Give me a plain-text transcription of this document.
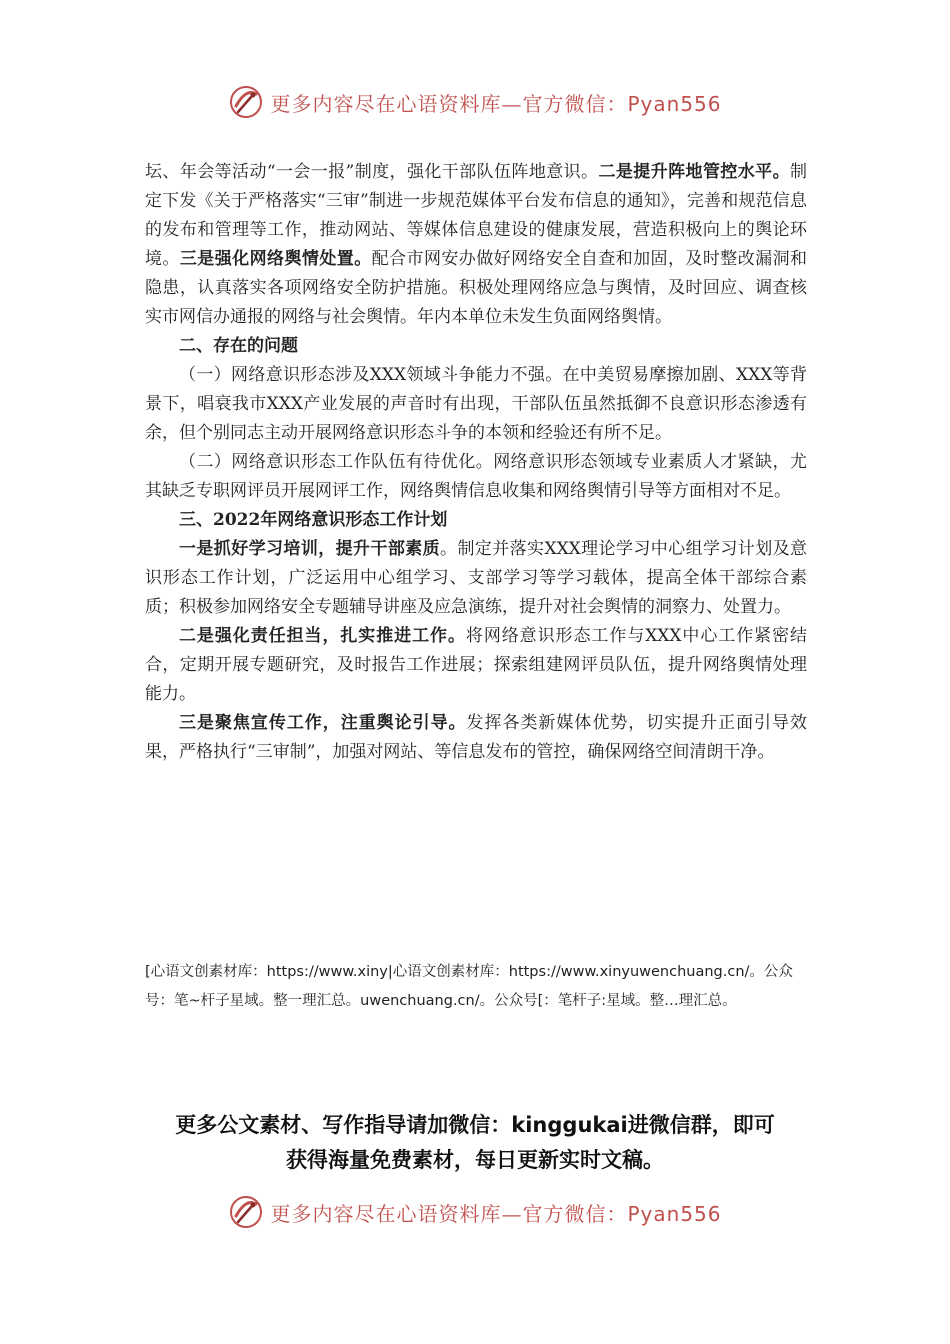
更多内容尽在心语资料库—官方微信：Pyan556

坛、年会等活动“一会一报”制度，强化干部队伍阵地意识。二是提升阵地管控水平。制定下发《关于严格落实“三审”制进一步规范媒体平台发布信息的通知》，完善和规范信息的发布和管理等工作，推动网站、等媒体信息建设的健康发展，营造积极向上的舆论环境。三是强化网络舆情处置。配合市网安办做好网络安全自查和加固，及时整改漏洞和隐患，认真落实各项网络安全防护措施。积极处理网络应急与舆情，及时回应、调查核实市网信办通报的网络与社会舆情。年内本单位未发生负面网络舆情。

二、存在的问题

（一）网络意识形态涉及XXX领域斗争能力不强。在中美贸易摩擦加剧、XXX等背景下，唱衰我市XXX产业发展的声音时有出现，干部队伍虽然抵御不良意识形态渗透有余，但个别同志主动开展网络意识形态斗争的本领和经验还有所不足。

（二）网络意识形态工作队伍有待优化。网络意识形态领域专业素质人才紧缺，尤其缺乏专职网评员开展网评工作，网络舆情信息收集和网络舆情引导等方面相对不足。

三、2022年网络意识形态工作计划

一是抓好学习培训，提升干部素质。制定并落实XXX理论学习中心组学习计划及意识形态工作计划，广泛运用中心组学习、支部学习等学习载体，提高全体干部综合素质；积极参加网络安全专题辅导讲座及应急演练，提升对社会舆情的洞察力、处置力。

二是强化责任担当，扎实推进工作。将网络意识形态工作与XXX中心工作紧密结合，定期开展专题研究，及时报告工作进展；探索组建网评员队伍，提升网络舆情处理能力。

三是聚焦宣传工作，注重舆论引导。发挥各类新媒体优势，切实提升正面引导效果，严格执行“三审制”，加强对网站、等信息发布的管控，确保网络空间清朗干净。

[心语文创素材库：https://www.xiny|心语文创素材库：https://www.xinyuwenchuang.cn/。公众号：笔~杆子星域。整一理汇总。uwenchuang.cn/。公众号[：笔杆子:星域。整…理汇总。

更多公文素材、写作指导请加微信：kinggukai进微信群，即可
获得海量免费素材，每日更新实时文稿。
更多内容尽在心语资料库—官方微信：Pyan556
